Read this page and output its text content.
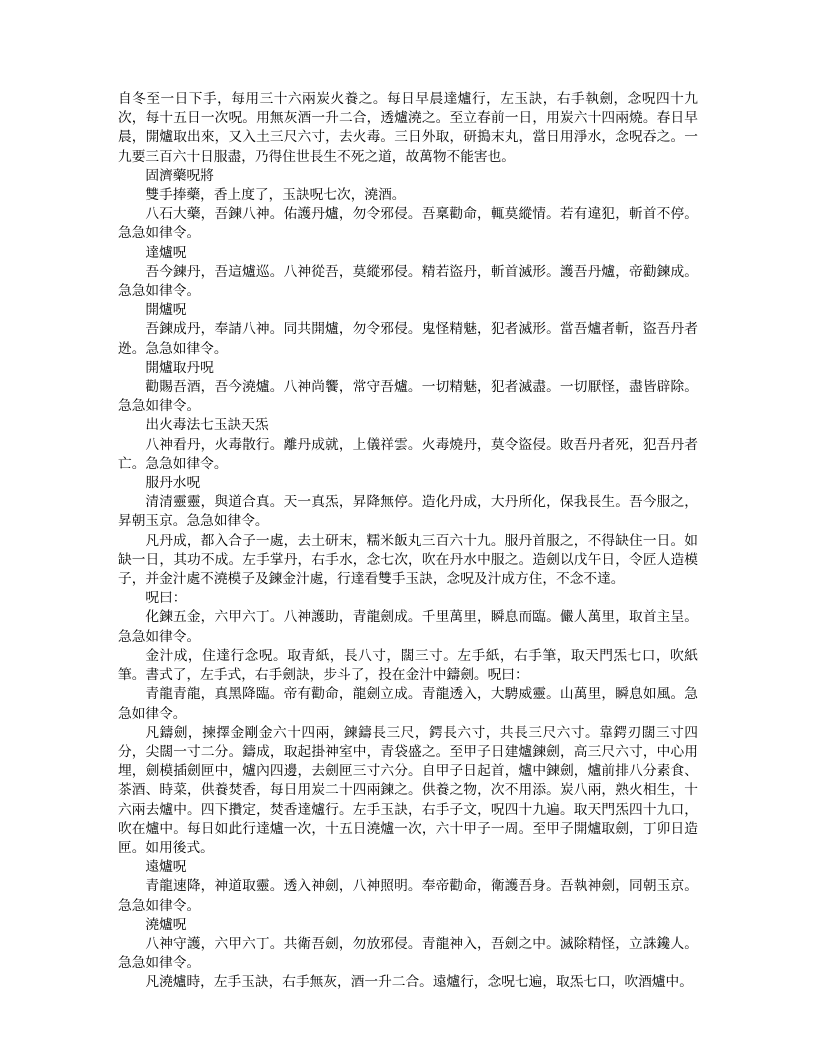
自冬至一日下手，每用三十六兩炭火養之。每日早晨達爐行，左玉訣，右手執劍，念呪四十九次，每十五日一次呪。用無灰酒一升二合，透爐澆之。至立春前一日，用炭六十四兩燒。春日早晨，開爐取出來，又入土三尺六寸，去火毒。三日外取，研搗末丸，當日用淨水，念呪吞之。一九要三百六十日服盡，乃得住世長生不死之道，故萬物不能害也。

固濟藥呪將

雙手捧藥，香上度了，玉訣呪七次，澆酒。

八石大藥，吾鍊八神。佑護丹爐，勿令邪侵。吾稟勸命，輒莫縱情。若有違犯，斬首不停。急急如律令。

達爐呪

吾今鍊丹，吾這爐巡。八神從吾，莫縱邪侵。精若盜丹，斬首滅形。護吾丹爐，帝勸鍊成。急急如律令。

開爐呪

吾鍊成丹，奉請八神。同共開爐，勿令邪侵。鬼怪精魅，犯者滅形。當吾爐者斬，盜吾丹者迯。急急如律令。

開爐取丹呪

勸賜吾酒，吾今澆爐。八神尚饗，常守吾爐。一切精魅，犯者滅盡。一切厭怪，盡皆辟除。急急如律令。

出火毒法七玉訣天炁

八神看丹，火毒散行。離丹成就，上儀祥雲。火毒燒丹，莫令盜侵。敗吾丹者死，犯吾丹者亡。急急如律令。

服丹水呪

清清靈靈，與道合真。天一真炁，昇降無停。造化丹成，大丹所化，保我長生。吾今服之，昇朝玉京。急急如律令。

凡丹成，都入合子一處，去土研末，糯米飯丸三百六十九。服丹首服之，不得缺住一日。如缺一日，其功不成。左手掌丹，右手水，念七次，吹在丹水中服之。造劍以戊午日，令匠人造模子，并金汁處不澆模子及鍊金汁處，行達看雙手玉訣，念呪及汁成方住，不念不達。

呪曰：

化鍊五金，六甲六丁。八神護助，青龍劍成。千里萬里，瞬息而臨。儼人萬里，取首主呈。急急如律令。

金汁成，住達行念呪。取青紙，長八寸，闊三寸。左手紙，右手筆，取天門炁七口，吹紙筆。書式了，左手式，右手劍訣，步斗了，投在金汁中鑄劍。呪曰：

青龍青龍，真黑降臨。帝有勸命，龍劍立成。青龍透入，大騁威靈。山萬里，瞬息如風。急急如律令。

凡鑄劍，揀擇金剛金六十四兩，鍊鑄長三尺，鍔長六寸，共長三尺六寸。靠鍔刃闊三寸四分，尖闊一寸二分。鑄成，取起掛神室中，青袋盛之。至甲子日建爐鍊劍，高三尺六寸，中心用埋，劍模插劍匣中，爐內四邊，去劍匣三寸六分。自甲子日起首，爐中鍊劍，爐前排八分素食、茶酒、時菜，供養焚香，每日用炭二十四兩鍊之。供養之物，次不用添。炭八兩，熟火相生，十六兩去爐中。四下攢定，焚香達爐行。左手玉訣，右手子文，呪四十九遍。取天門炁四十九口，吹在爐中。每日如此行達爐一次，十五日澆爐一次，六十甲子一周。至甲子開爐取劍，丁卯日造匣。如用後式。

遠爐呪

青龍速降，神道取靈。透入神劍，八神照明。奉帝勸命，衛護吾身。吾執神劍，同朝玉京。急急如律令。

澆爐呪

八神守護，六甲六丁。共衛吾劍，勿放邪侵。青龍神入，吾劍之中。滅除精怪，立誅鑱人。急急如律令。

凡澆爐時，左手玉訣，右手無灰，酒一升二合。遠爐行，念呪七遍，取炁七口，吹酒爐中。
